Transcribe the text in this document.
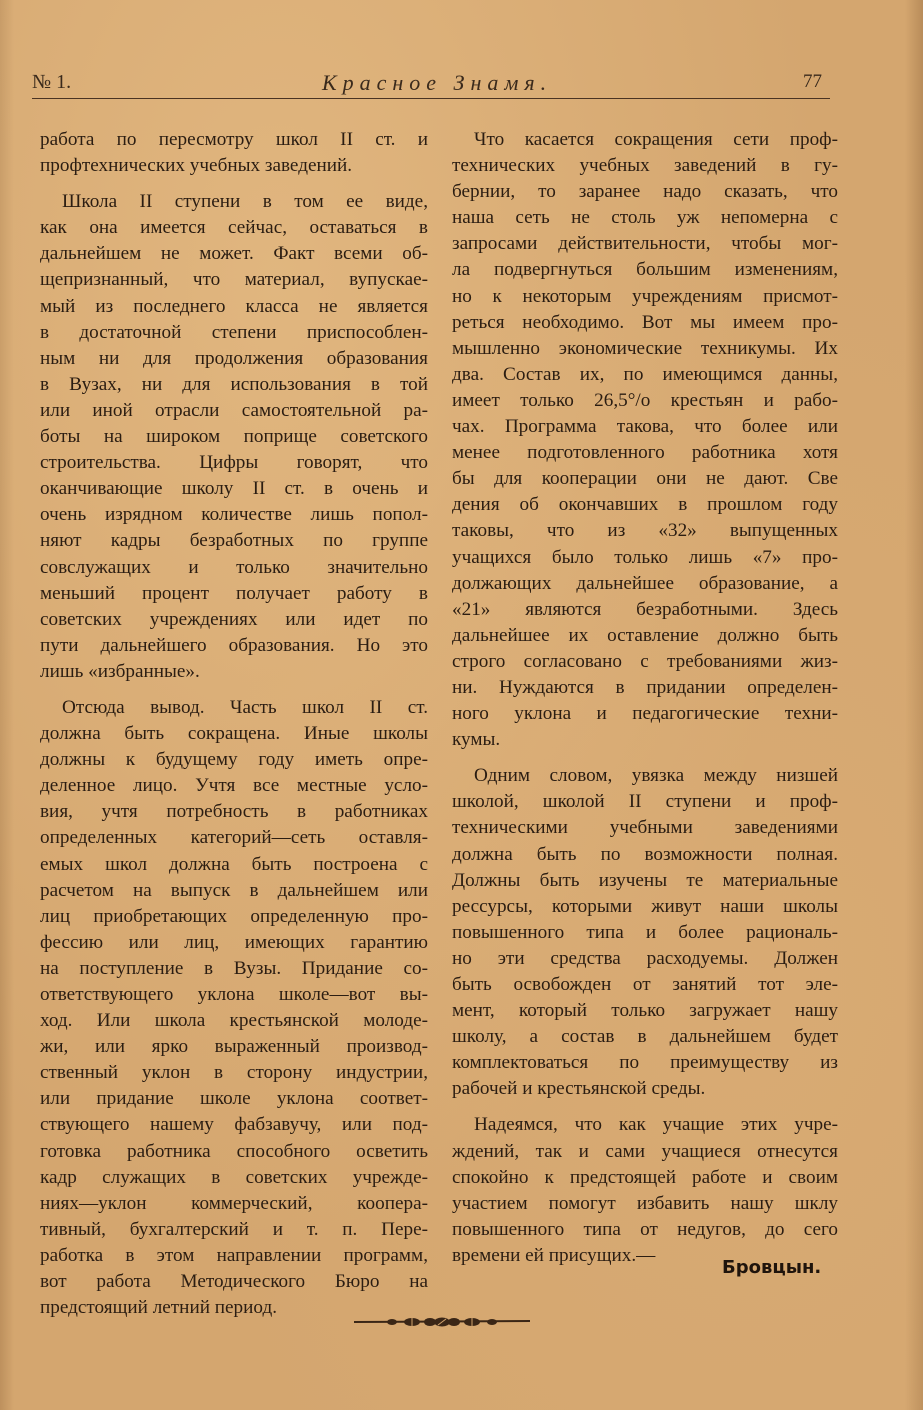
№ 1.	Красное Знамя.	77
работа по пересмотру школ II ст. и
профтехнических учебных заведений.
Школа II ступени в том ее виде,
как она имеется сейчас, оставаться в
дальнейшем не может. Факт всеми об-
щепризнанный, что материал, вупускае-
мый из последнего класса не является
в достаточной степени приспособлен-
ным ни для продолжения образования
в Вузах, ни для использования в той
или иной отрасли самостоятельной ра-
боты на широком поприще советского
строительства. Цифры говорят, что
оканчивающие школу II ст. в очень и
очень изрядном количестве лишь попол-
няют кадры безработных по группе
совслужащих и только значительно
меньший процент получает работу в
советских учреждениях или идет по
пути дальнейшего образования. Но это
лишь «избранные».
Отсюда вывод. Часть школ II ст.
должна быть сокращена. Иные школы
должны к будущему году иметь опре-
деленное лицо. Учтя все местные усло-
вия, учтя потребность в работниках
определенных категорий—сеть оставля-
емых школ должна быть построена с
расчетом на выпуск в дальнейшем или
лиц приобретающих определенную про-
фессию или лиц, имеющих гарантию
на поступление в Вузы. Придание со-
ответствующего уклона школе—вот вы-
ход. Или школа крестьянской молоде-
жи, или ярко выраженный производ-
ственный уклон в сторону индустрии,
или придание школе уклона соответ-
ствующего нашему фабзавучу, или под-
готовка работника способного осветить
кадр служащих в советских учрежде-
ниях—уклон коммерческий, коопера-
тивный, бухгалтерский и т. п. Пере-
работка в этом направлении программ,
вот работа Методического Бюро на
предстоящий летний период.
Что касается сокращения сети проф-
технических учебных заведений в гу-
бернии, то заранее надо сказать, что
наша сеть не столь уж непомерна с
запросами действительности, чтобы мог-
ла подвергнуться большим изменениям,
но к некоторым учреждениям присмот-
реться необходимо. Вот мы имеем про-
мышленно экономические техникумы. Их
два. Состав их, по имеющимся данны,
имеет только 26,5°/о крестьян и рабо-
чах. Программа такова, что более или
менее подготовленного работника хотя
бы для кооперации они не дают. Све
дения об окончавших в прошлом году
таковы, что из «32» выпущенных
учащихся было только лишь «7» про-
должающих дальнейшее образование, а
«21» являются безработными. Здесь
дальнейшее их оставление должно быть
строго согласовано с требованиями жиз-
ни. Нуждаются в придании определен-
ного уклона и педагогические техни-
кумы.
Одним словом, увязка между низшей
школой, школой II ступени и проф-
техническими учебными заведениями
должна быть по возможности полная.
Должны быть изучены те материальные
рессурсы, которыми живут наши школы
повышенного типа и более рациональ-
но эти средства расходуемы. Должен
быть освобожден от занятий тот эле-
мент, который только загружает нашу
школу, а состав в дальнейшем будет
комплектоваться по преимуществу из
рабочей и крестьянской среды.
Надеямся, что как учащие этих учре-
ждений, так и сами учащиеся отнесутся
спокойно к предстоящей работе и своим
участием помогут избавить нашу шклу
повышенного типа от недугов, до сего
времени ей присущих.—
Бровцын.
